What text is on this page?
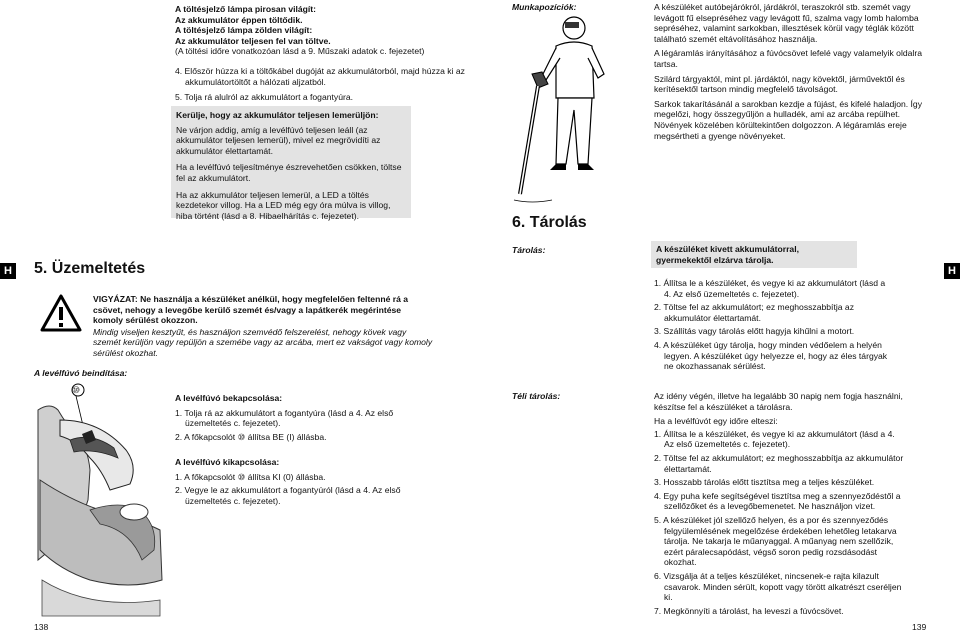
A töltésjelző lámpa pirosan világít:

Az akkumulátor éppen töltődik.

A töltésjelző lámpa zölden világít:

Az akkumulátor teljesen fel van töltve.

(A töltési időre vonatkozóan lásd a 9. Műszaki adatok c. fejezetet)

4. Először húzza ki a töltőkábel dugóját az akkumulátorból, majd húzza ki az akkumulátortöltőt a hálózati aljzatból.

5. Tolja rá alulról az akkumulátort a fogantyúra.

Kerülje, hogy az akkumulátor teljesen lemerüljön:

Ne várjon addig, amíg a levélfúvó teljesen leáll (az akkumulátor teljesen lemerül), mivel ez megrövidíti az akkumulátor élettartamát.

Ha a levélfúvó teljesítménye észrevehetően csökken, töltse fel az akkumulátort.

Ha az akkumulátor teljesen lemerül, a LED a töltés kezdetekor villog. Ha a LED még egy óra múlva is villog, hiba történt (lásd a 8. Hibaelhárítás c. fejezetet).

H 5. Üzemeltetés

VIGYÁZAT: Ne használja a készüléket anélkül, hogy megfelelően feltenné rá a csövet, nehogy a levegőbe kerülő szemét és/vagy a lapátkerék megérintése komoly sérülést okozzon.

Mindig viseljen kesztyűt, és használjon szemvédő felszerelést, nehogy kövek vagy szemét kerüljön vagy repüljön a szemébe vagy az arcába, mert ez vakságot vagy komoly sérülést okozhat.

A levélfúvó beindítása:
⑩

A levélfúvó bekapcsolása:

1. Tolja rá az akkumulátort a fogantyúra (lásd a 4. Az első üzemeltetés c. fejezetet).

2. A főkapcsolót ⑩ állítsa BE (I) állásba.

A levélfúvó kikapcsolása:

1. A főkapcsolót ⑩ állítsa KI (0) állásba.

2. Vegye le az akkumulátort a fogantyúról (lásd a 4. Az első üzemeltetés c. fejezetet).

138
Munkapozíciók:	A készüléket autóbejárókról, járdákról, teraszokról stb. szemét vagy levágott fű elsepréséhez vagy levágott fű, szalma vagy lomb halomba sepréséhez, valamint sarkokban, illesztések körül vagy téglák között található szemét eltávolításához használja.

A légáramlás irányításához a fúvócsövet lefelé vagy valamelyik oldalra tartsa.

Szilárd tárgyaktól, mint pl. járdáktól, nagy kövektől, járművektől és kerítésektől tartson mindig megfelelő távolságot.

Sarkok takarításánál a sarokban kezdje a fújást, és kifelé haladjon. Így megelőzi, hogy összegyűljön a hulladék, ami az arcába repülhet. Növények közelében körültekintően dolgozzon. A légáramlás ereje megsértheti a gyenge növényeket.

6. Tárolás
H
Tárolás:	A készüléket kivett akkumulátorral, gyermekektől elzárva tárolja.

1. Állítsa le a készüléket, és vegye ki az akkumulátort (lásd a 4. Az első üzemeltetés c. fejezetet).

2. Töltse fel az akkumulátort; ez meghosszabbítja az akkumulátor élettartamát.

3. Szállítás vagy tárolás előtt hagyja kihűlni a motort.

4. A készüléket úgy tárolja, hogy minden védőelem a helyén legyen. A készüléket úgy helyezze el, hogy az éles tárgyak ne okozhassanak sérülést.

Téli tárolás:	Az idény végén, illetve ha legalább 30 napig nem fogja használni, készítse fel a készüléket a tárolásra.

Ha a levélfúvót egy időre elteszi:

1. Állítsa le a készüléket, és vegye ki az akkumulátort (lásd a 4. Az első üzemeltetés c. fejezetet).

2. Töltse fel az akkumulátort; ez meghosszabbítja az akkumulátor élettartamát.

3. Hosszabb tárolás előtt tisztítsa meg a teljes készüléket.

4. Egy puha kefe segítségével tisztítsa meg a szennyeződéstől a szellőzőket és a levegőbemenetet. Ne használjon vizet.

5. A készüléket jól szellőző helyen, és a por és szennyeződés felgyülemlésének megelőzése érdekében lehetőleg letakarva tárolja. Ne takarja le műanyaggal. A műanyag nem szellőzik, ezért páralecsapódást, végső soron pedig rozsdásodást okozhat.

6. Vizsgálja át a teljes készüléket, nincsenek-e rajta kilazult csavarok. Minden sérült, kopott vagy törött alkatrészt cseréljen ki.

7. Megkönnyíti a tárolást, ha leveszi a fúvócsövet.

139
